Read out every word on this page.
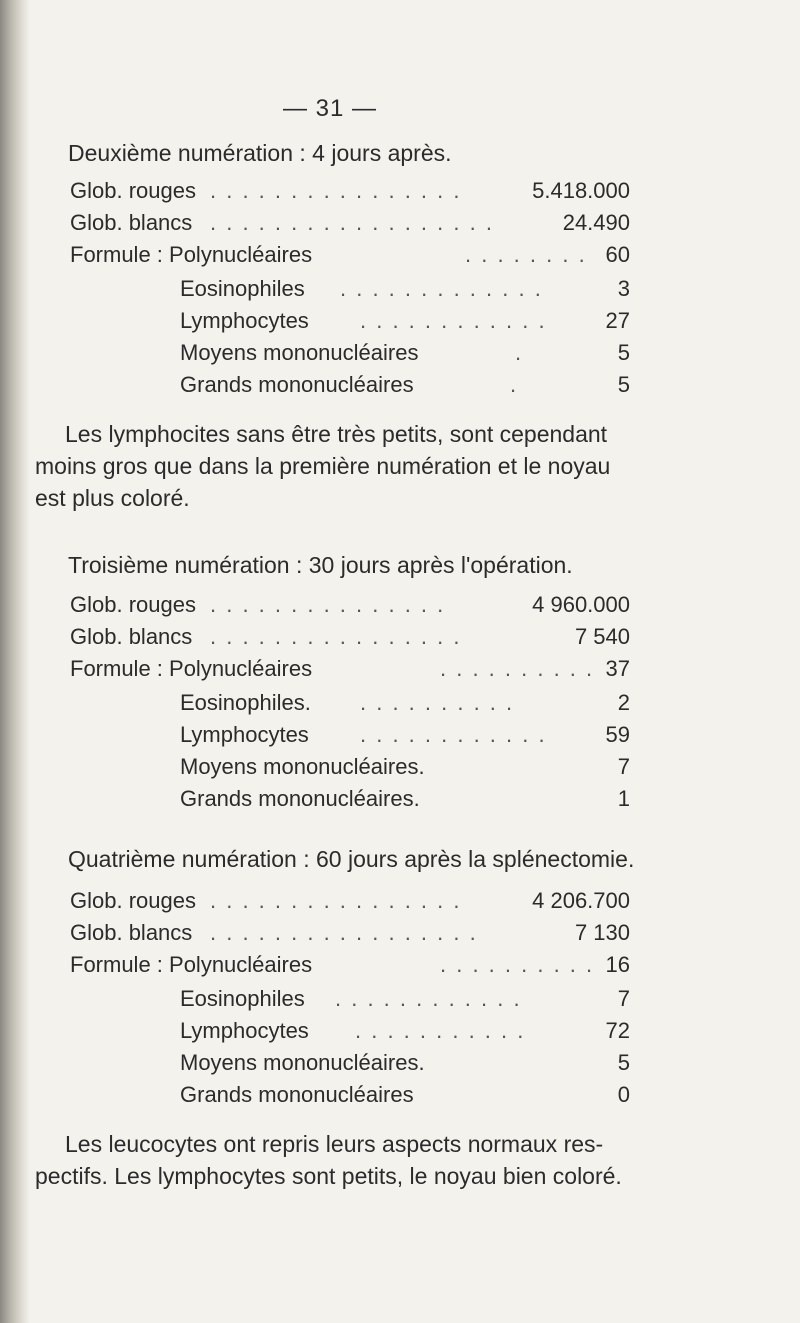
— 31 —
Deuxième numération : 4 jours après.
Glob. rouges . . . . . . . . . . . . . . . .	5.418.000
Glob. blancs . . . . . . . . . . . . . . . . . .	24.490
Formule : Polynucléaires	. . . . . . . . 60
Eosinophiles . . . . . . . . . . . . .	3
Lymphocytes . . . . . . . . . . . .	27
Moyens mononucléaires	.	5
Grands mononucléaires	.	5
Les lymphocites sans être très petits, sont cependant
moins gros que dans la première numération et le noyau
est plus coloré.
Troisième numération : 30 jours après l'opération.
Glob. rouges . . . . . . . . . . . . . . .	4 960.000
Glob. blancs . . . . . . . . . . . . . . . .	7 540
Formule : Polynucléaires	. . . . . . . . . . 37
Eosinophiles. . . . . . . . . . .	2
Lymphocytes . . . . . . . . . . . .	59
Moyens mononucléaires.	7
Grands mononucléaires.	1
Quatrième numération : 60 jours après la splénectomie.
Glob. rouges . . . . . . . . . . . . . . . .	4 206.700
Glob. blancs . . . . . . . . . . . . . . . . .	7 130
Formule : Polynucléaires	. . . . . . . . . . 16
Eosinophiles . . . . . . . . . . . .	7
Lymphocytes . . . . . . . . . . .	72
Moyens mononucléaires.	5
Grands mononucléaires	0
Les leucocytes ont repris leurs aspects normaux res-
pectifs. Les lymphocytes sont petits, le noyau bien coloré.
